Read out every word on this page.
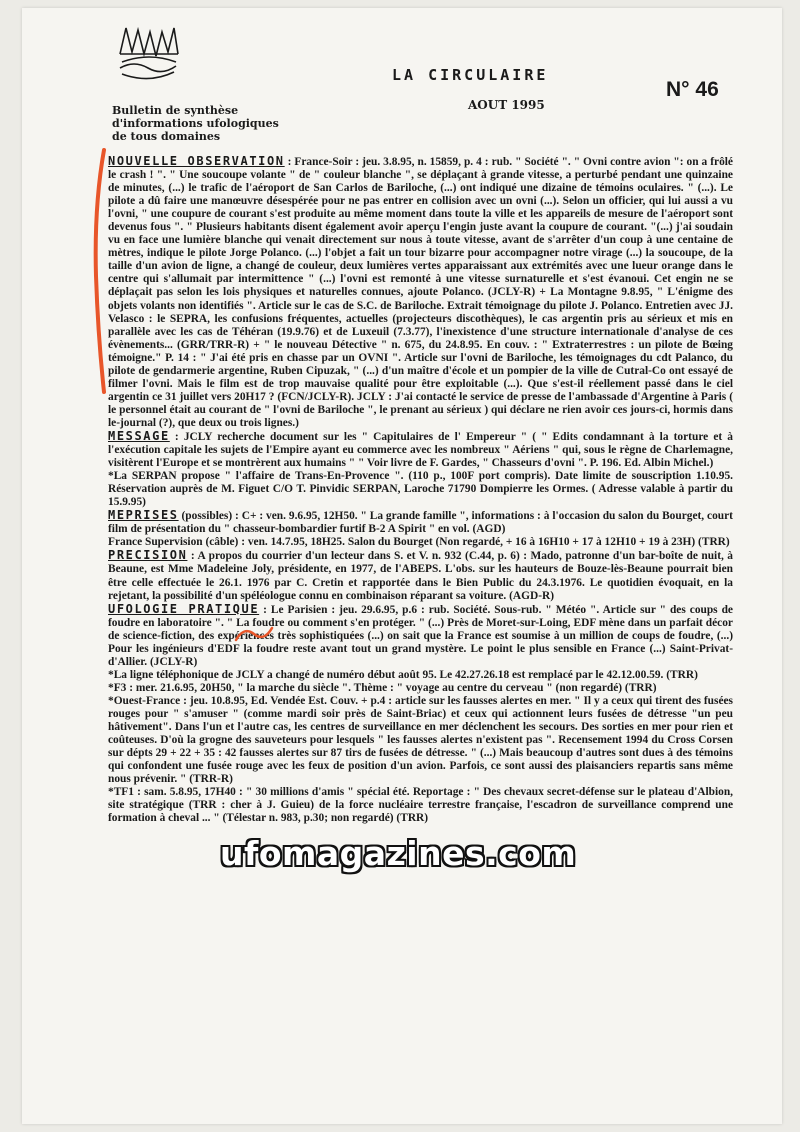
LA CIRCULAIRE
N° 46
AOUT 1995
Bulletin de synthèse
d'informations ufologiques
de tous domaines

NOUVELLE OBSERVATION : France-Soir : jeu. 3.8.95, n. 15859, p. 4 : rub. " Société ". " Ovni contre avion ": on a frôlé le crash ! ". " Une soucoupe volante " de " couleur blanche ", se déplaçant à grande vitesse, a perturbé pendant une quinzaine de minutes, (...) le trafic de l'aéroport de San Carlos de Bariloche, (...) ont indiqué une dizaine de témoins oculaires. " (...). Le pilote a dû faire une manœuvre désespérée pour ne pas entrer en collision avec un ovni (...). Selon un officier, qui lui aussi a vu l'ovni, " une coupure de courant s'est produite au même moment dans toute la ville et les appareils de mesure de l'aéroport sont devenus fous ". " Plusieurs habitants disent également avoir aperçu l'engin juste avant la coupure de courant. "(...) j'ai soudain vu en face une lumière blanche qui venait directement sur nous à toute vitesse, avant de s'arrêter d'un coup à une centaine de mètres, indique le pilote Jorge Polanco. (...) l'objet a fait un tour bizarre pour accompagner notre virage (...) la soucoupe, de la taille d'un avion de ligne, a changé de couleur, deux lumières vertes apparaissant aux extrémités avec une lueur orange dans le centre qui s'allumait par intermittence " (...) l'ovni est remonté à une vitesse surnaturelle et s'est évanoui. Cet engin ne se déplaçait pas selon les lois physiques et naturelles connues, ajoute Polanco. (JCLY-R) + La Montagne 9.8.95, " L'énigme des objets volants non identifiés ". Article sur le cas de S.C. de Bariloche. Extrait témoignage du pilote J. Polanco. Entretien avec JJ. Velasco : le SEPRA, les confusions fréquentes, actuelles (projecteurs discothèques), le cas argentin pris au sérieux et mis en parallèle avec les cas de Téhéran (19.9.76) et de Luxeuil (7.3.77), l'inexistence d'une structure internationale d'analyse de ces évènements... (GRR/TRR-R) + " le nouveau Détective " n. 675, du 24.8.95. En couv. : " Extraterrestres : un pilote de Bœing témoigne." P. 14 : " J'ai été pris en chasse par un OVNI ". Article sur l'ovni de Bariloche, les témoignages du cdt Palanco, du pilote de gendarmerie argentine, Ruben Cipuzak, " (...) d'un maître d'école et un pompier de la ville de Cutral-Co ont essayé de filmer l'ovni. Mais le film est de trop mauvaise qualité pour être exploitable (...). Que s'est-il réellement passé dans le ciel argentin ce 31 juillet vers 20H17 ? (FCN/JCLY-R). JCLY : J'ai contacté le service de presse de l'ambassade d'Argentine à Paris ( le personnel était au courant de " l'ovni de Bariloche ", le prenant au sérieux ) qui déclare ne rien avoir ces jours-ci, hormis dans le-journal (?), que deux ou trois lignes.)

MESSAGE : JCLY recherche document sur les " Capitulaires de l' Empereur " ( " Edits condamnant à la torture et à l'exécution capitale les sujets de l'Empire ayant eu commerce avec les nombreux " Aériens " qui, sous le règne de Charlemagne, visitèrent l'Europe et se montrèrent aux humains " " Voir livre de F. Gardes, " Chasseurs d'ovni ". P. 196. Ed. Albin Michel.)

*La SERPAN propose " l'affaire de Trans-En-Provence ". (110 p., 100F port compris). Date limite de souscription 1.10.95. Réservation auprès de M. Figuet C/O T. Pinvidic SERPAN, Laroche 71790 Dompierre les Ormes. ( Adresse valable à partir du 15.9.95)

MEPRISES (possibles) : C+ : ven. 9.6.95, 12H50. " La grande famille ", informations : à l'occasion du salon du Bourget, court film de présentation du " chasseur-bombardier furtif B-2 A Spirit " en vol. (AGD)

France Supervision (câble) : ven. 14.7.95, 18H25. Salon du Bourget (Non regardé, + 16 à 16H10 + 17 à 12H10 + 19 à 23H) (TRR)

PRECISION : A propos du courrier d'un lecteur dans S. et V. n. 932 (C.44, p. 6) : Mado, patronne d'un bar-boîte de nuit, à Beaune, est Mme Madeleine Joly, présidente, en 1977, de l'ABEPS. L'obs. sur les hauteurs de Bouze-lès-Beaune pourrait bien être celle effectuée le 26.1. 1976 par C. Cretin et rapportée dans le Bien Public du 24.3.1976. Le quotidien évoquait, en la rejetant, la possibilité d'un spéléologue connu en combinaison réparant sa voiture. (AGD-R)

UFOLOGIE PRATIQUE : Le Parisien : jeu. 29.6.95, p.6 : rub. Société. Sous-rub. " Météo ". Article sur " des coups de foudre en laboratoire ". " La foudre ou comment s'en protéger. " (...) Près de Moret-sur-Loing, EDF mène dans un parfait décor de science-fiction, des expériences très sophistiquées (...) on sait que la France est soumise à un million de coups de foudre, (...) Pour les ingénieurs d'EDF la foudre reste avant tout un grand mystère. Le point le plus sensible en France (...) Saint-Privat-d'Allier. (JCLY-R)

*La ligne téléphonique de JCLY a changé de numéro début août 95. Le 42.27.26.18 est remplacé par le 42.12.00.59. (TRR)

*F3 : mer. 21.6.95, 20H50, " la marche du siècle ". Thème : " voyage au centre du cerveau " (non regardé) (TRR)

*Ouest-France : jeu. 10.8.95, Ed. Vendée Est. Couv. + p.4 : article sur les fausses alertes en mer. " Il y a ceux qui tirent des fusées rouges pour " s'amuser " (comme mardi soir près de Saint-Briac) et ceux qui actionnent leurs fusées de détresse "un peu hâtivement". Dans l'un et l'autre cas, les centres de surveillance en mer déclenchent les secours. Des sorties en mer pour rien et coûteuses. D'où la grogne des sauveteurs pour lesquels " les fausses alertes n'existent pas ". Recensement 1994 du Cross Corsen sur dépts 29 + 22 + 35 : 42 fausses alertes sur 87 tirs de fusées de détresse. " (...) Mais beaucoup d'autres sont dues à des témoins qui confondent une fusée rouge avec les feux de position d'un avion. Parfois, ce sont aussi des plaisanciers repartis sans même nous prévenir. " (TRR-R)

*TF1 : sam. 5.8.95, 17H40 : " 30 millions d'amis " spécial été. Reportage : " Des chevaux secret-défense sur le plateau d'Albion, site stratégique (TRR : cher à J. Guieu) de la force nucléaire terrestre française, l'escadron de surveillance comprend une formation à cheval ... " (Télestar n. 983, p.30; non regardé) (TRR)

ufomagazines.com
